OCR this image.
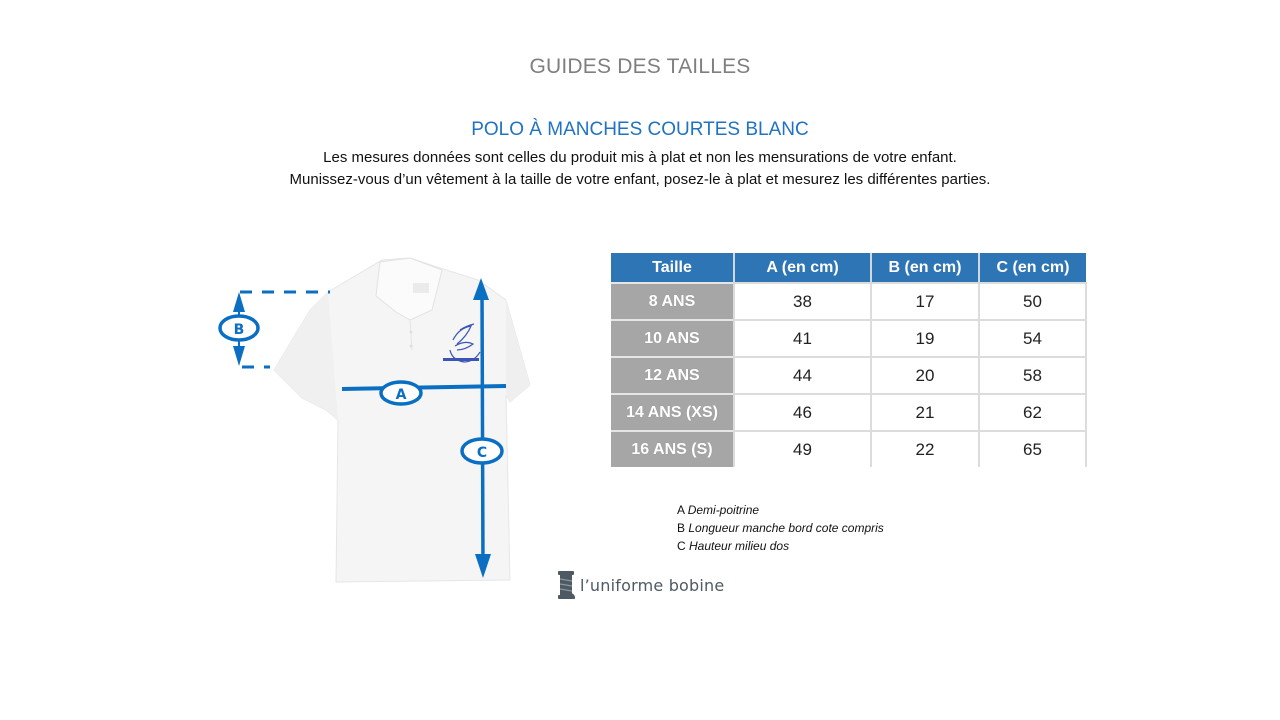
GUIDES DES TAILLES
POLO À MANCHES COURTES BLANC
Les mesures données sont celles du produit mis à plat et non les mensurations de votre enfant.
Munissez-vous d’un vêtement à la taille de votre enfant, posez-le à plat et mesurez les différentes parties.
B
A
C
Taille	A (en cm)	B (en cm)	C (en cm)
8 ANS	38	17	50
10 ANS	41	19	54
12 ANS	44	20	58
14 ANS (XS)	46	21	62
16 ANS (S)	49	22	65
A Demi-poitrine
B Longueur manche bord cote compris
C Hauteur milieu dos
l’uniforme bobine
